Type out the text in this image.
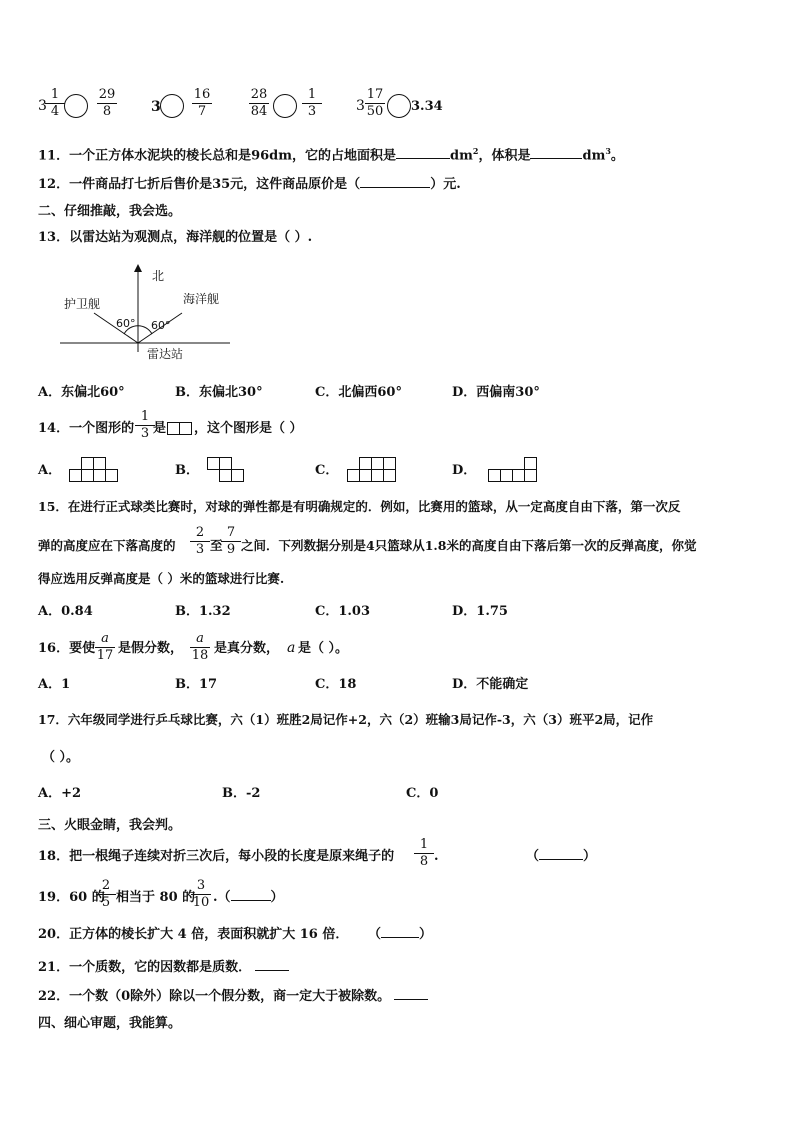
3
1
4
29
8	3
16
7
28
84
1
3	3
17
50 3.34
11．一个正方体水泥块的棱长总和是96dm，它的占地面积是	$dm^2$，体积是	$dm^3$。
12．一件商品打七折后售价是35元，这件商品原价是（	）元.
二、仔细推敲，我会选。
13．以雷达站为观测点，海洋舰的位置是（ ）.
北
护卫舰	海洋舰
60° 60°
雷达站
A．东偏北60°	B．东偏北30°	C．北偏西60°	D．西偏南30°
14．一个图形的
1
3 是 ，这个图形是（ ）
A．	B．	C．	D．
15．在进行正式球类比赛时，对球的弹性都是有明确规定的．例如，比赛用的篮球，从一定高度自由下落，第一次反
弹的高度应在下落高度的
2
3 至
7
9 之间．下列数据分别是4只篮球从1.8米的高度自由下落后第一次的反弹高度，你觉
得应选用反弹高度是（ ）米的篮球进行比赛.
A．0.84	B．1.32	C．1.03	D．1.75
16．要使
a
17 是假分数，
a
18 是真分数， a 是（ ）。
A．1	B．17	C．18	D．不能确定
17．六年级同学进行乒乓球比赛，六（1）班胜2局记作+2，六（2）班输3局记作-3，六（3）班平2局，记作
（ ）。
A．+2	B．-2	C．0
三、火眼金睛，我会判。
18．把一根绳子连续对折三次后，每小段的长度是原来绳子的
1
8 .	（	）
19．60 的
2
5 相当于 80 的
3
10 .（	）
20．正方体的棱长扩大 4 倍，表面积就扩大 16 倍． （	）
21．一个质数，它的因数都是质数．
22．一个数（0除外）除以一个假分数，商一定大于被除数。
四、细心审题，我能算。
